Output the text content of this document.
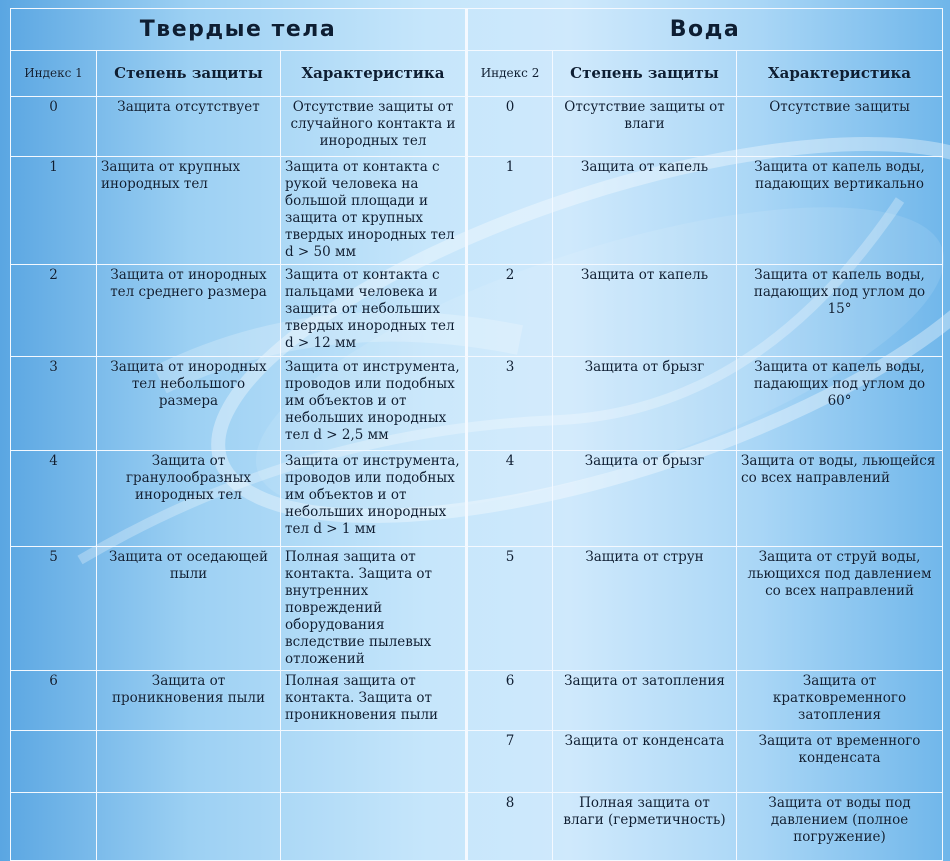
Твердые тела			Вода		
Индекс 1	Степень защиты	Характеристика	Индекс 2	Степень защиты	Характеристика
0	Защита отсутствует	Отсутствие защиты от случайного контакта и инородных тел	0	Отсутствие защиты от влаги	Отсутствие защиты
1	Защита от крупных инородных тел	Защита от контакта с рукой человека на большой площади и защита от крупных твердых инородных тел d > 50 мм	1	Защита от капель	Защита от капель воды, падающих вертикально
2	Защита от инородных тел среднего размера	Защита от контакта с пальцами человека и защита от небольших твердых инородных тел d > 12 мм	2	Защита от капель	Защита от капель воды, падающих под углом до 15°
3	Защита от инородных тел небольшого размера	Защита от инструмента, проводов или подобных им объектов и от небольших инородных тел d > 2,5 мм	3	Защита от брызг	Защита от капель воды, падающих под углом до 60°
4	Защита от гранулообразных инородных тел	Защита от инструмента, проводов или подобных им объектов и от небольших инородных тел d > 1 мм	4	Защита от брызг	Защита от воды, льющейся со всех направлений
5	Защита от оседающей пыли	Полная защита от контакта. Защита от внутренних повреждений оборудования вследствие пылевых отложений	5	Защита от струн	Защита от струй воды, льющихся под давлением со всех направлений
6	Защита от проникновения пыли	Полная защита от контакта. Защита от проникновения пыли	6	Защита от затопления	Защита от кратковременного затопления
			7	Защита от конденсата	Защита от временного конденсата
			8	Полная защита от влаги (герметичность)	Защита от воды под давлением (полное погружение)
